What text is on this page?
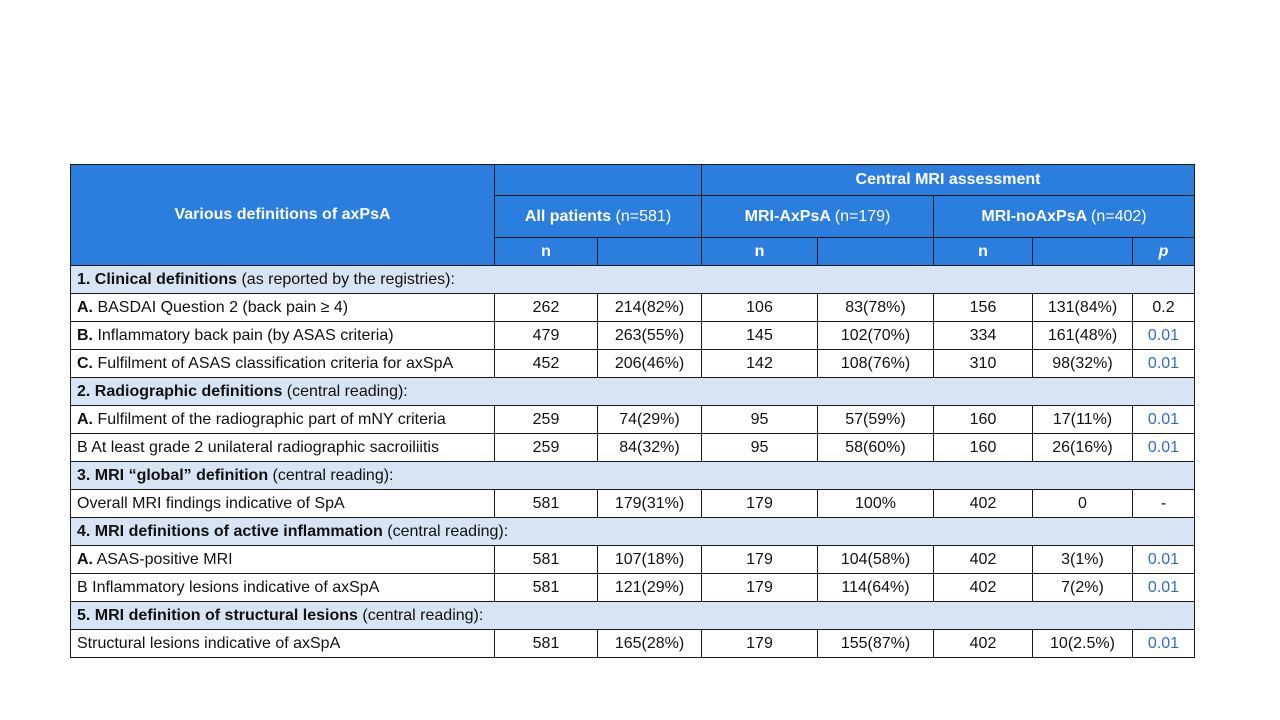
Various definitions of axPsA			Central MRI assessment				
	All patients (n=581)		MRI-AxPsA (n=179)		MRI-noAxPsA (n=402)		
	n		n		n		p
1. Clinical definitions (as reported by the registries):							
A. BASDAI Question 2 (back pain ≥ 4)	262	214(82%)	106	83(78%)	156	131(84%)	0.2
B. Inflammatory back pain (by ASAS criteria)	479	263(55%)	145	102(70%)	334	161(48%)	0.01
C. Fulfilment of ASAS classification criteria for axSpA	452	206(46%)	142	108(76%)	310	98(32%)	0.01
2. Radiographic definitions (central reading):							
A. Fulfilment of the radiographic part of mNY criteria	259	74(29%)	95	57(59%)	160	17(11%)	0.01
B At least grade 2 unilateral radiographic sacroiliitis	259	84(32%)	95	58(60%)	160	26(16%)	0.01
3. MRI “global” definition (central reading):							
Overall MRI findings indicative of SpA	581	179(31%)	179	100%	402	0	-
4. MRI definitions of active inflammation (central reading):							
A. ASAS-positive MRI	581	107(18%)	179	104(58%)	402	3(1%)	0.01
B Inflammatory lesions indicative of axSpA	581	121(29%)	179	114(64%)	402	7(2%)	0.01
5. MRI definition of structural lesions (central reading):							
Structural lesions indicative of axSpA	581	165(28%)	179	155(87%)	402	10(2.5%)	0.01
